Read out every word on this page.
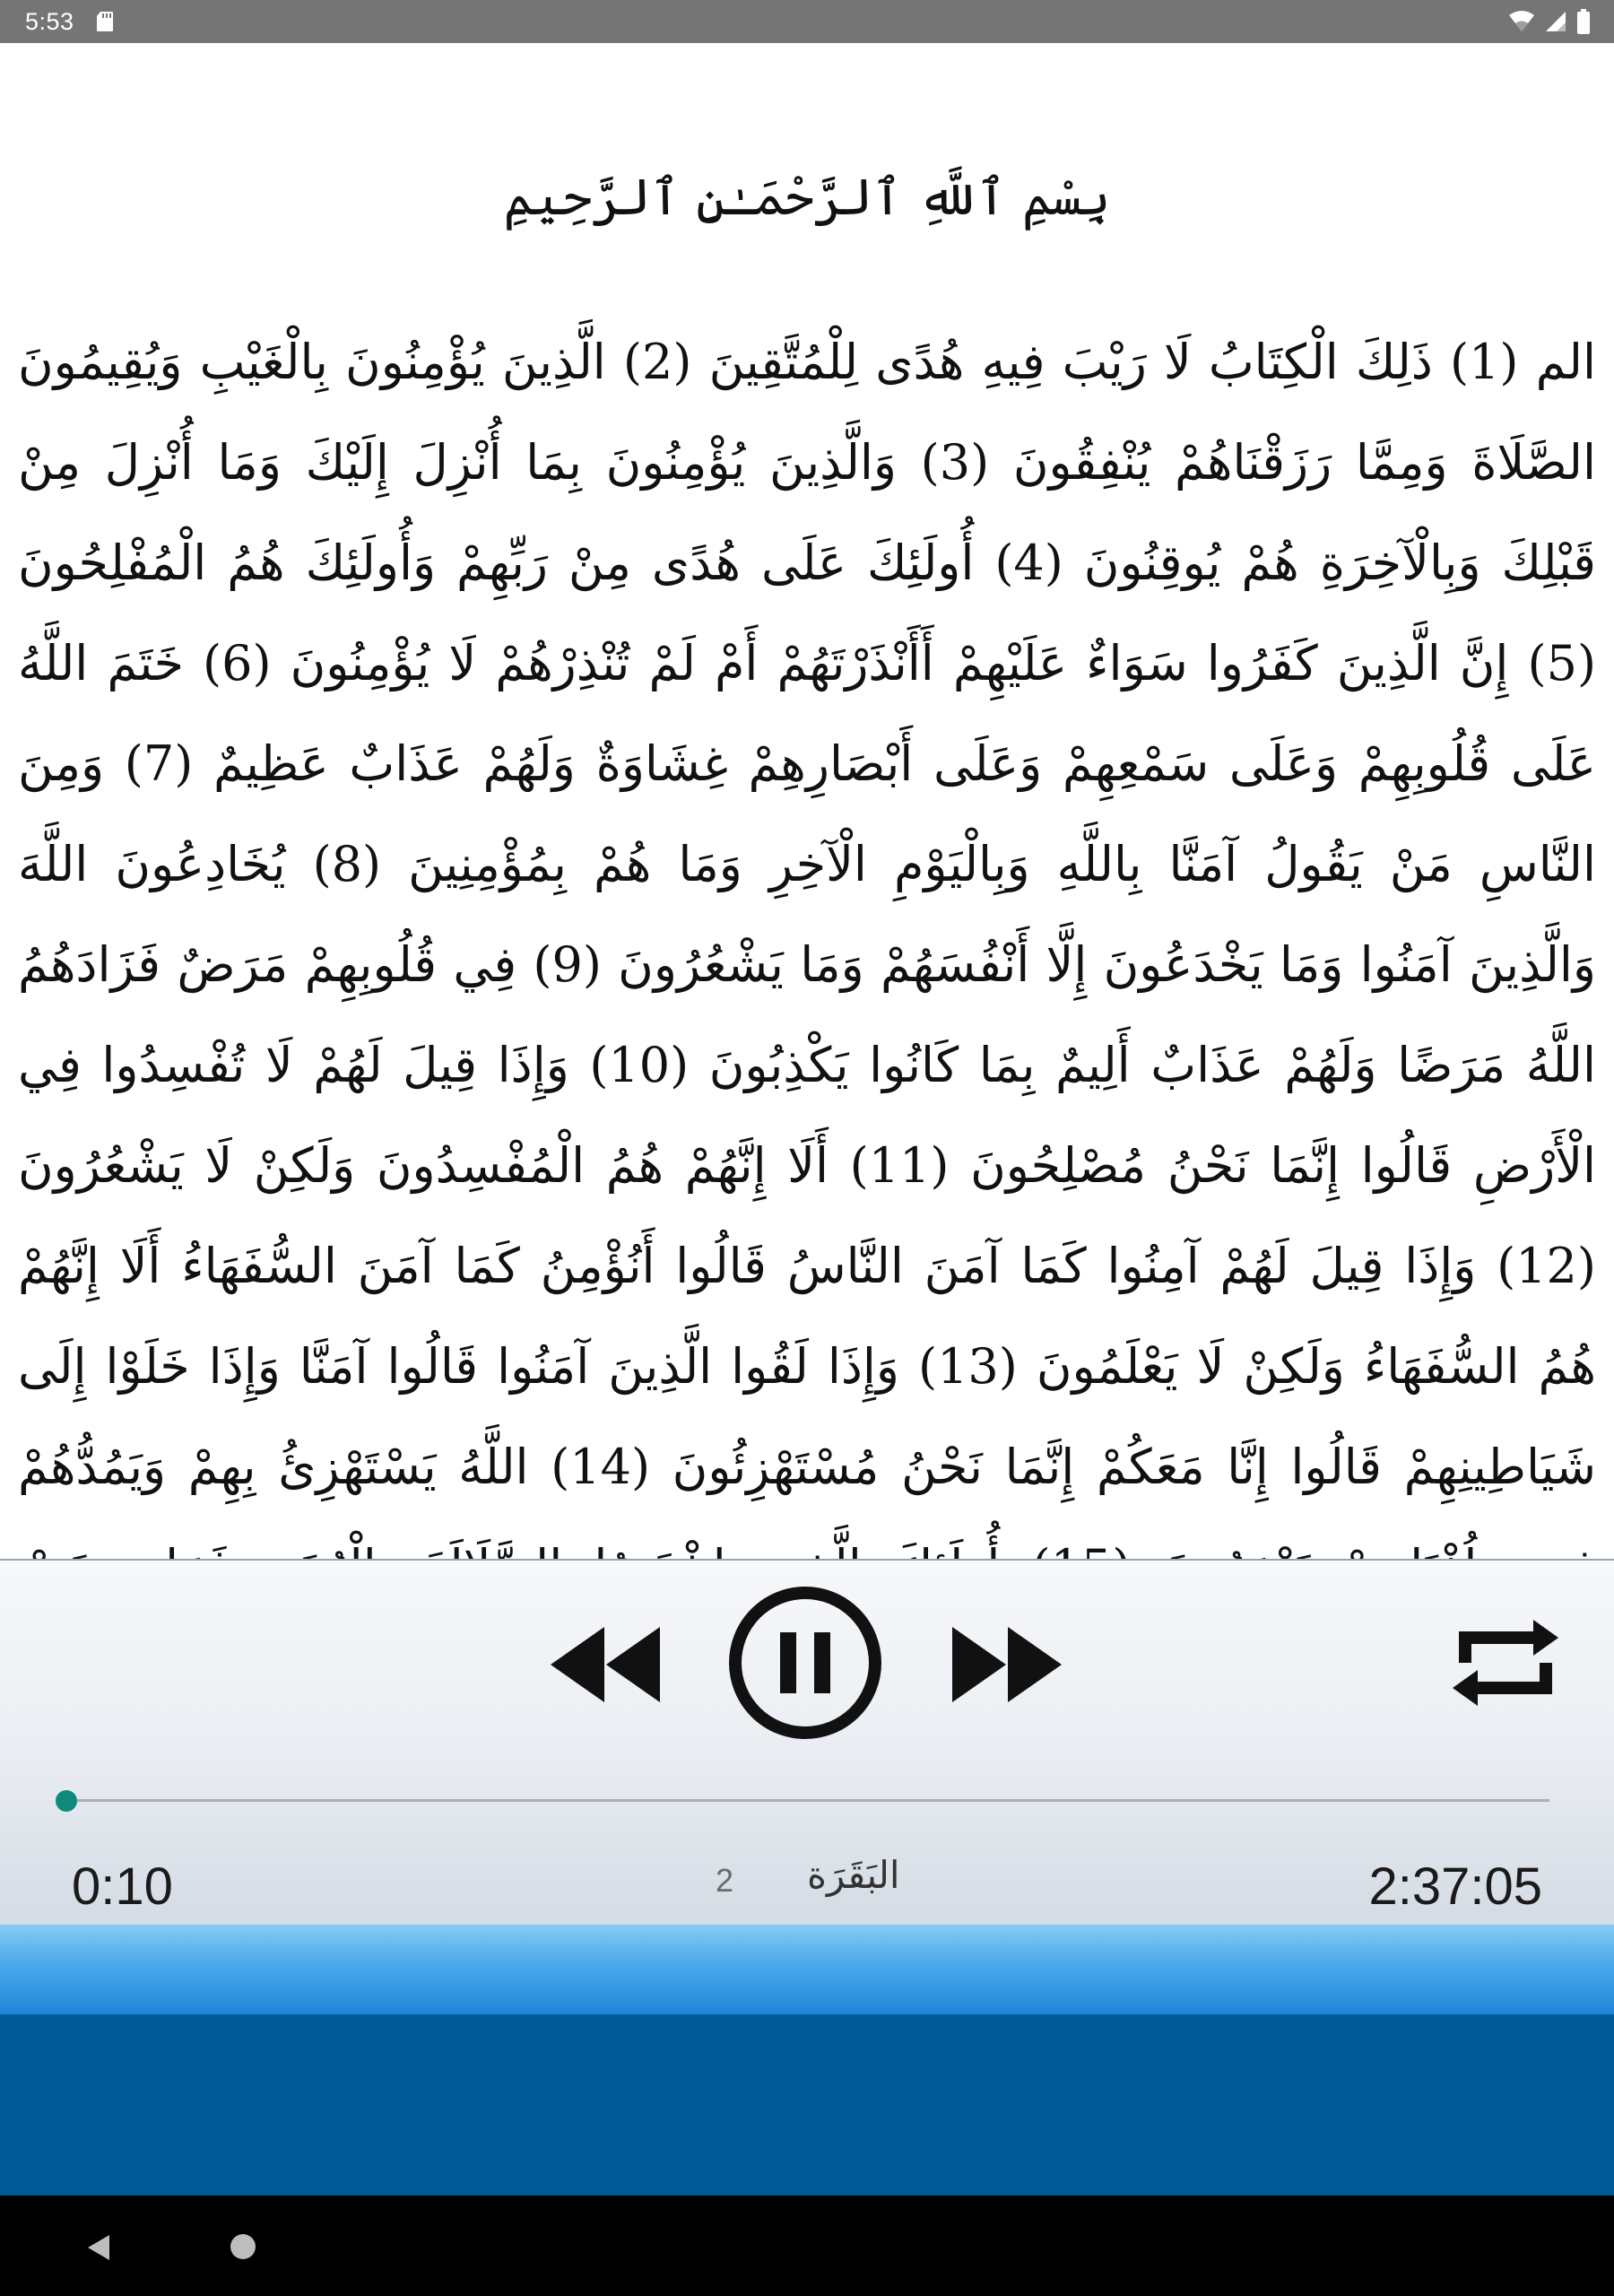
5:53
بِسْمِ ٱللَّهِ ٱلرَّحْمَـٰنِ ٱلرَّحِيمِ
الم (1) ذَلِكَ الْكِتَابُ لَا رَيْبَ فِيهِ هُدًى لِلْمُتَّقِينَ (2) الَّذِينَ يُؤْمِنُونَ بِالْغَيْبِ وَيُقِيمُونَ الصَّلَاةَ وَمِمَّا رَزَقْنَاهُمْ يُنْفِقُونَ (3) وَالَّذِينَ يُؤْمِنُونَ بِمَا أُنْزِلَ إِلَيْكَ وَمَا أُنْزِلَ مِنْ قَبْلِكَ وَبِالْآخِرَةِ هُمْ يُوقِنُونَ (4) أُولَئِكَ عَلَى هُدًى مِنْ رَبِّهِمْ وَأُولَئِكَ هُمُ الْمُفْلِحُونَ (5) إِنَّ الَّذِينَ كَفَرُوا سَوَاءٌ عَلَيْهِمْ أَأَنْذَرْتَهُمْ أَمْ لَمْ تُنْذِرْهُمْ لَا يُؤْمِنُونَ (6) خَتَمَ اللَّهُ عَلَى قُلُوبِهِمْ وَعَلَى سَمْعِهِمْ وَعَلَى أَبْصَارِهِمْ غِشَاوَةٌ وَلَهُمْ عَذَابٌ عَظِيمٌ (7) وَمِنَ النَّاسِ مَنْ يَقُولُ آمَنَّا بِاللَّهِ وَبِالْيَوْمِ الْآخِرِ وَمَا هُمْ بِمُؤْمِنِينَ (8) يُخَادِعُونَ اللَّهَ وَالَّذِينَ آمَنُوا وَمَا يَخْدَعُونَ إِلَّا أَنْفُسَهُمْ وَمَا يَشْعُرُونَ (9) فِي قُلُوبِهِمْ مَرَضٌ فَزَادَهُمُ اللَّهُ مَرَضًا وَلَهُمْ عَذَابٌ أَلِيمٌ بِمَا كَانُوا يَكْذِبُونَ (10) وَإِذَا قِيلَ لَهُمْ لَا تُفْسِدُوا فِي الْأَرْضِ قَالُوا إِنَّمَا نَحْنُ مُصْلِحُونَ (11) أَلَا إِنَّهُمْ هُمُ الْمُفْسِدُونَ وَلَكِنْ لَا يَشْعُرُونَ (12) وَإِذَا قِيلَ لَهُمْ آمِنُوا كَمَا آمَنَ النَّاسُ قَالُوا أَنُؤْمِنُ كَمَا آمَنَ السُّفَهَاءُ أَلَا إِنَّهُمْ هُمُ السُّفَهَاءُ وَلَكِنْ لَا يَعْلَمُونَ (13) وَإِذَا لَقُوا الَّذِينَ آمَنُوا قَالُوا آمَنَّا وَإِذَا خَلَوْا إِلَى شَيَاطِينِهِمْ قَالُوا إِنَّا مَعَكُمْ إِنَّمَا نَحْنُ مُسْتَهْزِئُونَ (14) اللَّهُ يَسْتَهْزِئُ بِهِمْ وَيَمُدُّهُمْ
0:10	2 البَقَرَة	2:37:05
